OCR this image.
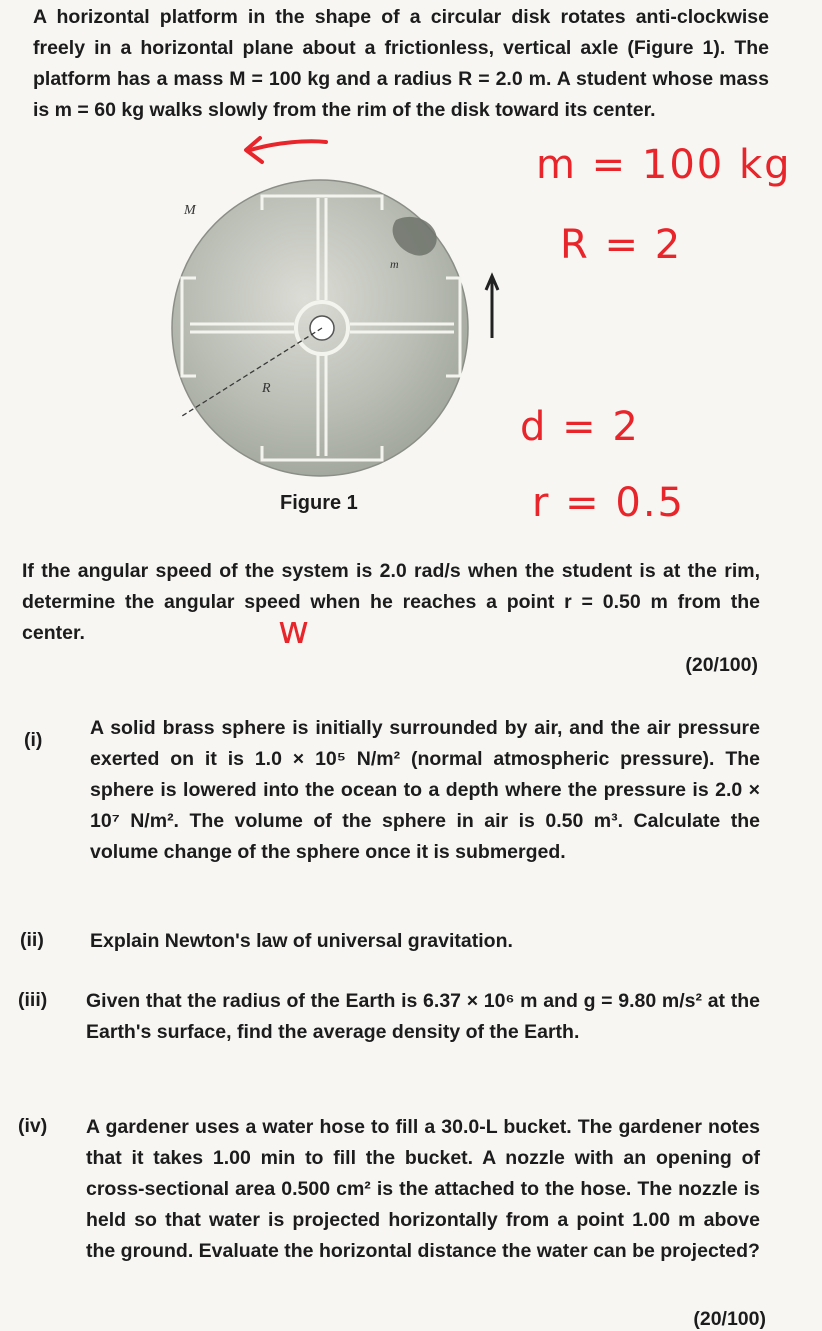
A horizontal platform in the shape of a circular disk rotates anti-clockwise freely in a horizontal plane about a frictionless, vertical axle (Figure 1). The platform has a mass M = 100 kg and a radius R = 2.0 m. A student whose mass is m = 60 kg walks slowly from the rim of the disk toward its center.

R
M
m
Figure 1
m = 100 kg
R = 2
d = 2
r = 0.5
w

If the angular speed of the system is 2.0 rad/s when the student is at the rim, determine the angular speed when he reaches a point r = 0.50 m from the center.

(20/100)
(i)

A solid brass sphere is initially surrounded by air, and the air pressure exerted on it is 1.0 × 10⁵ N/m² (normal atmospheric pressure). The sphere is lowered into the ocean to a depth where the pressure is 2.0 × 10⁷ N/m². The volume of the sphere in air is 0.50 m³. Calculate the volume change of the sphere once it is submerged.

(ii) Explain Newton's law of universal gravitation.

(iii) Given that the radius of the Earth is 6.37 × 10⁶ m and g = 9.80 m/s² at the Earth's surface, find the average density of the Earth.

(iv) A gardener uses a water hose to fill a 30.0-L bucket. The gardener notes that it takes 1.00 min to fill the bucket. A nozzle with an opening of cross-sectional area 0.500 cm² is the attached to the hose. The nozzle is held so that water is projected horizontally from a point 1.00 m above the ground. Evaluate the horizontal distance the water can be projected?

(20/100)
